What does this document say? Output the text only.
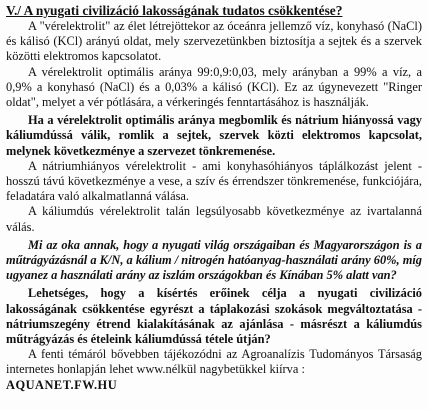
V./ A nyugati civilizáció lakosságának tudatos csökkentése?

A "vérelektrolit" az élet létrejöttekor az óceánra jellemző víz, konyhasó (NaCl) és kálisó (KCl) arányú oldat, mely szervezetünkben biztosítja a sejtek és a szervek közötti elektromos kapcsolatot.

A vérelektrolit optimális aránya 99:0,9:0,03, mely arányban a 99% a víz, a 0,9% a konyhasó (NaCl) és a 0,03% a kálisó (KCl). Ez az úgynevezett "Ringer oldat", melyet a vér pótlására, a vérkeringés fenntartásához is használják.

Ha a vérelektrolit optimális aránya megbomlik és nátrium hiányossá vagy káliumdússá válik, romlik a sejtek, szervek közti elektromos kapcsolat, melynek következménye a szervezet tönkremenése.

A nátriumhiányos vérelektrolit - ami konyhasóhiányos táplálkozást jelent - hosszú távú következménye a vese, a szív és érrendszer tönkremenése, funkciójára, feladatára való alkalmatlanná válása.

A káliumdús vérelektrolit talán legsúlyosabb következménye az ivartalanná válás.

Mi az oka annak, hogy a nyugati világ országaiban és Magyarországon is a műtrágyázásnál a K/N, a kálium / nitrogén hatóanyag-használati arány 60%, míg ugyanez a használati arány az iszlám országokban és Kínában 5% alatt van?

Lehetséges, hogy a kísértés erőinek célja a nyugati civilizáció lakosságának csökkentése egyrészt a táplakozási szokások megváltoztatása - nátriumszegény étrend kialakításának az ajánlása - másrészt a káliumdús műtrágyázás és ételeink káliumdússá tétele útján?

A fenti témáról bővebben tájékozódni az Agroanalízis Tudományos Társaság internetes honlapján lehet www.nélkül nagybetükkel kiírva :

AQUANET.FW.HU
